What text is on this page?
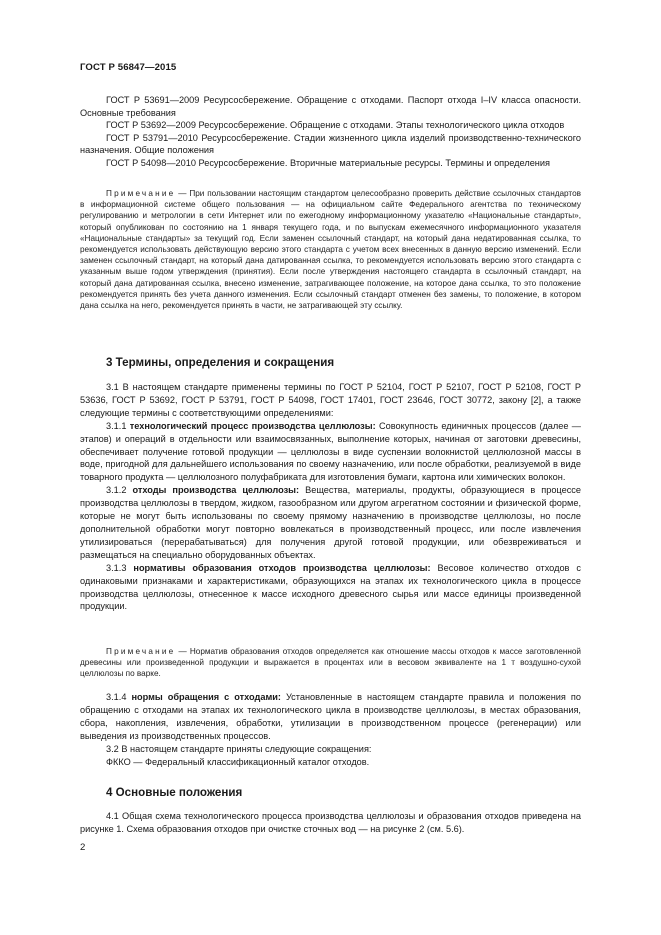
ГОСТ Р 56847—2015

ГОСТ Р 53691—2009 Ресурсосбережение. Обращение с отходами. Паспорт отхода I–IV класса опасности. Основные требования

ГОСТ Р 53692—2009 Ресурсосбережение. Обращение с отходами. Этапы технологического цикла отходов

ГОСТ Р 53791—2010 Ресурсосбережение. Стадии жизненного цикла изделий производственно-технического назначения. Общие положения

ГОСТ Р 54098—2010 Ресурсосбережение. Вторичные материальные ресурсы. Термины и определения

Примечание — При пользовании настоящим стандартом целесообразно проверить действие ссылочных стандартов в информационной системе общего пользования — на официальном сайте Федерального агентства по техническому регулированию и метрологии в сети Интернет или по ежегодному информационному указателю «Национальные стандарты», который опубликован по состоянию на 1 января текущего года, и по выпускам ежемесячного информационного указателя «Национальные стандарты» за текущий год. Если заменен ссылочный стандарт, на который дана недатированная ссылка, то рекомендуется использовать действующую версию этого стандарта с учетом всех внесенных в данную версию изменений. Если заменен ссылочный стандарт, на который дана датированная ссылка, то рекомендуется использовать версию этого стандарта с указанным выше годом утверждения (принятия). Если после утверждения настоящего стандарта в ссылочный стандарт, на который дана датированная ссылка, внесено изменение, затрагивающее положение, на которое дана ссылка, то это положение рекомендуется принять без учета данного изменения. Если ссылочный стандарт отменен без замены, то положение, в котором дана ссылка на него, рекомендуется принять в части, не затрагивающей эту ссылку.

3 Термины, определения и сокращения

3.1 В настоящем стандарте применены термины по ГОСТ Р 52104, ГОСТ Р 52107, ГОСТ Р 52108, ГОСТ Р 53636, ГОСТ Р 53692, ГОСТ Р 53791, ГОСТ Р 54098, ГОСТ 17401, ГОСТ 23646, ГОСТ 30772, закону [2], а также следующие термины с соответствующими определениями:

3.1.1 технологический процесс производства целлюлозы: Совокупность единичных процессов (далее — этапов) и операций в отдельности или взаимосвязанных, выполнение которых, начиная от заготовки древесины, обеспечивает получение готовой продукции — целлюлозы в виде суспензии волокнистой целлюлозной массы в воде, пригодной для дальнейшего использования по своему назначению, или после обработки, реализуемой в виде товарного продукта — целлюлозного полуфабриката для изготовления бумаги, картона или химических волокон.

3.1.2 отходы производства целлюлозы: Вещества, материалы, продукты, образующиеся в процессе производства целлюлозы в твердом, жидком, газообразном или другом агрегатном состоянии и физической форме, которые не могут быть использованы по своему прямому назначению в производстве целлюлозы, но после дополнительной обработки могут повторно вовлекаться в производственный процесс, или после извлечения утилизироваться (перерабатываться) для получения другой готовой продукции, или обезвреживаться и размещаться на специально оборудованных объектах.

3.1.3 нормативы образования отходов производства целлюлозы: Весовое количество отходов с одинаковыми признаками и характеристиками, образующихся на этапах их технологического цикла в процессе производства целлюлозы, отнесенное к массе исходного древесного сырья или массе единицы произведенной продукции.

Примечание — Норматив образования отходов определяется как отношение массы отходов к массе заготовленной древесины или произведенной продукции и выражается в процентах или в весовом эквиваленте на 1 т воздушно-сухой целлюлозы по варке.

3.1.4 нормы обращения с отходами: Установленные в настоящем стандарте правила и положения по обращению с отходами на этапах их технологического цикла в производстве целлюлозы, в местах образования, сбора, накопления, извлечения, обработки, утилизации в производственном процессе (регенерации) или выведения из производственных процессов.

3.2 В настоящем стандарте приняты следующие сокращения:

ФККО — Федеральный классификационный каталог отходов.

4 Основные положения

4.1 Общая схема технологического процесса производства целлюлозы и образования отходов приведена на рисунке 1. Схема образования отходов при очистке сточных вод — на рисунке 2 (см. 5.6).

2
